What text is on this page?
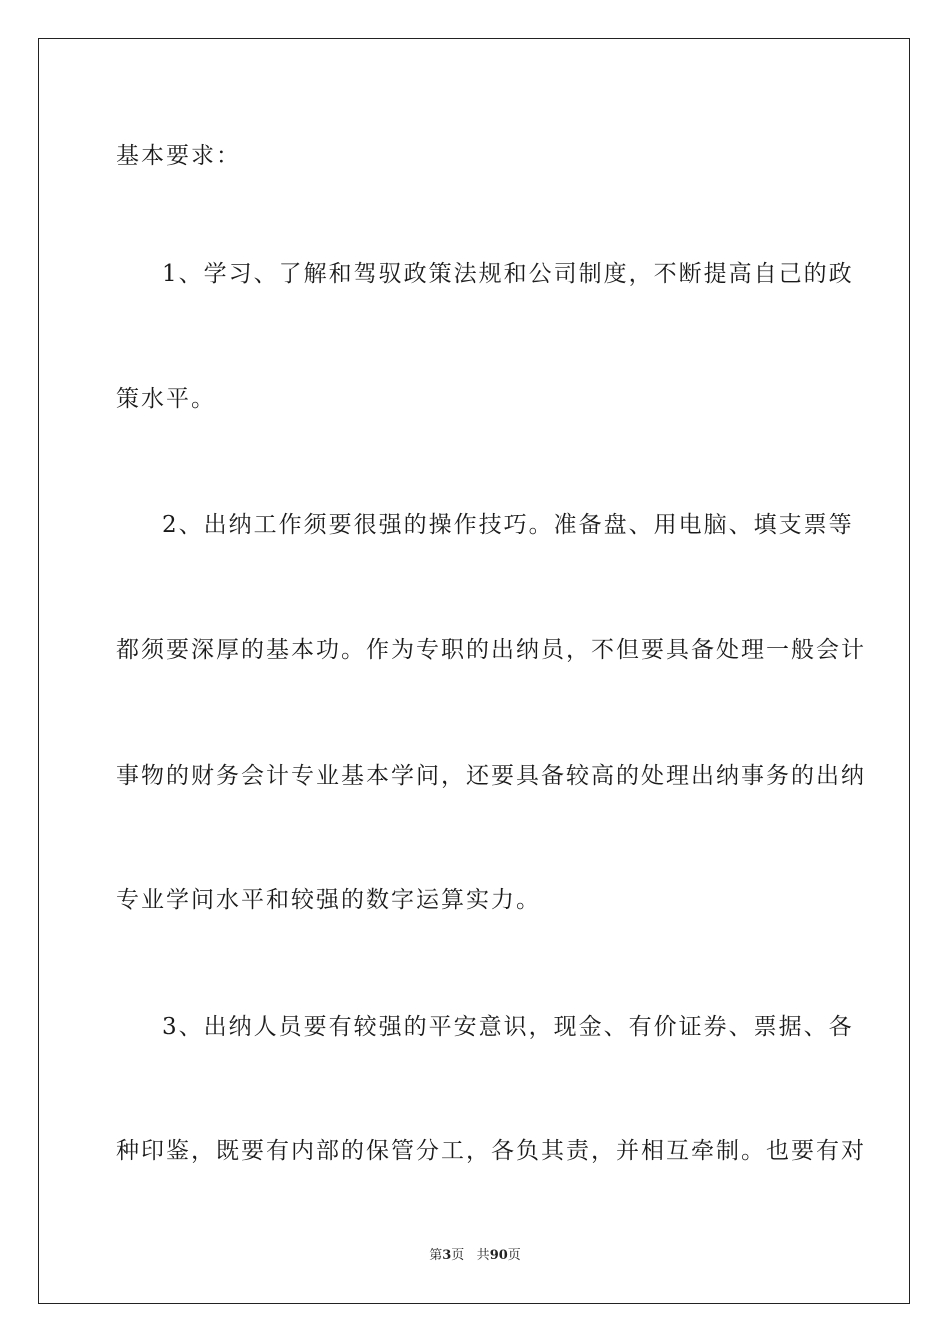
基本要求：
1、学习、了解和驾驭政策法规和公司制度，不断提高自己的政
策水平。
2、出纳工作须要很强的操作技巧。准备盘、用电脑、填支票等
都须要深厚的基本功。作为专职的出纳员，不但要具备处理一般会计
事物的财务会计专业基本学问，还要具备较高的处理出纳事务的出纳
专业学问水平和较强的数字运算实力。
3、出纳人员要有较强的平安意识，现金、有价证券、票据、各
种印鉴，既要有内部的保管分工，各负其责，并相互牵制。也要有对
第3页 共90页
